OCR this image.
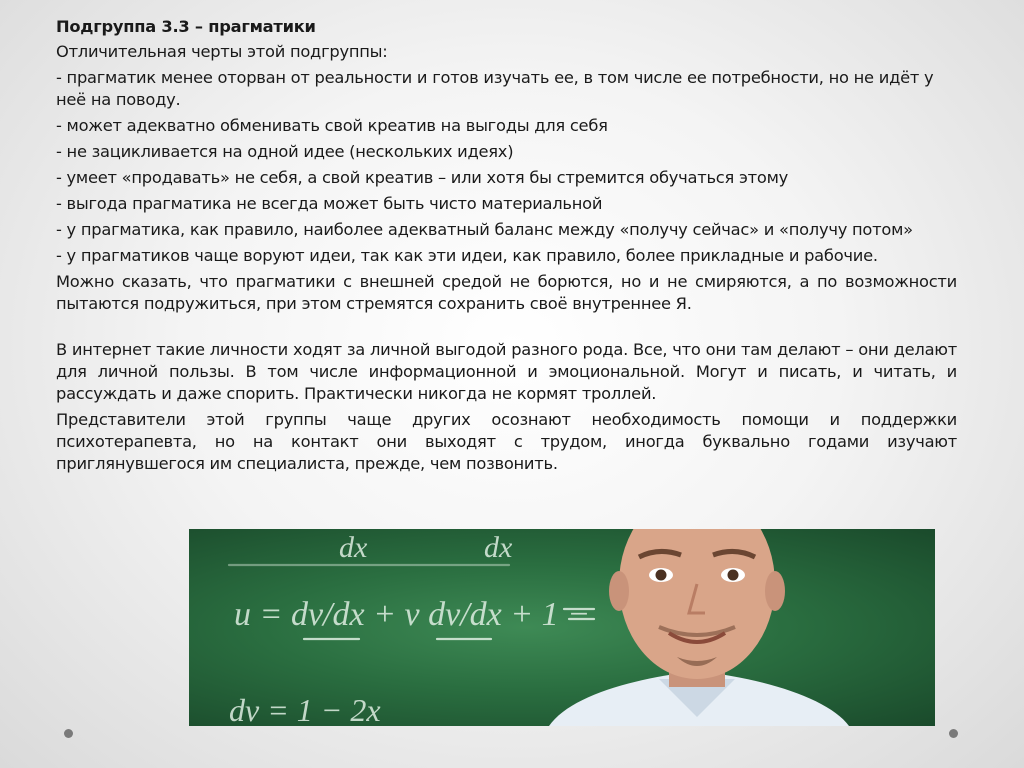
Подгруппа 3.3 – прагматики

Отличительная черты этой подгруппы:

- прагматик менее оторван от реальности и готов изучать ее, в том числе ее потребности, но не идёт у неё на поводу.

- может адекватно обменивать свой креатив на выгоды для себя

- не зацикливается на одной идее (нескольких идеях)

- умеет «продавать» не себя, а свой креатив – или хотя бы стремится обучаться этому

- выгода прагматика не всегда может быть чисто материальной

- у прагматика, как правило, наиболее адекватный баланс между «получу сейчас» и «получу потом»

- у прагматиков чаще воруют идеи, так как эти идеи, как правило, более прикладные и рабочие.

Можно сказать, что прагматики с внешней средой не борются, но и не смиряются, а по возможности пытаются подружиться, при этом стремятся сохранить своё внутреннее Я.

В интернет такие личности ходят за личной выгодой разного рода. Все, что они там делают – они делают для личной пользы. В том числе информационной и эмоциональной. Могут и писать, и читать, и рассуждать и даже спорить. Практически никогда не кормят троллей.

Представители этой группы чаще других осознают необходимость помощи и поддержки психотерапевта, но на контакт они выходят с трудом, иногда буквально годами изучают приглянувшегося им специалиста, прежде, чем позвонить.

dx	dx
u = dv/dx + v dv/dx + 1 −
dv = 1 − 2x
